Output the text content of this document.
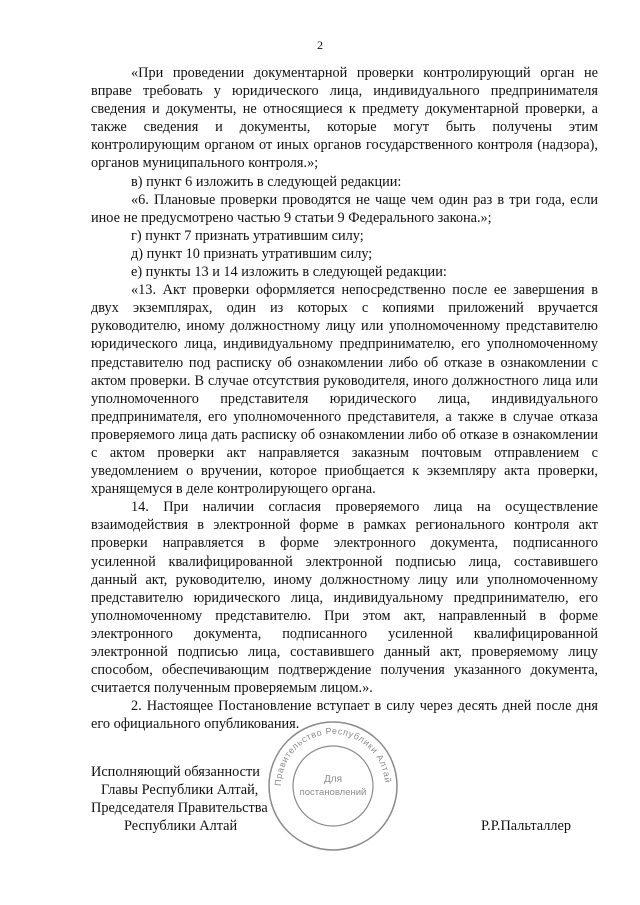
2

«При проведении документарной проверки контролирующий орган не вправе требовать у юридического лица, индивидуального предпринимателя сведения и документы, не относящиеся к предмету документарной проверки, а также сведения и документы, которые могут быть получены этим контролирующим органом от иных органов государственного контроля (надзора), органов муниципального контроля.»;

в) пункт 6 изложить в следующей редакции:

«6. Плановые проверки проводятся не чаще чем один раз в три года, если иное не предусмотрено частью 9 статьи 9 Федерального закона.»;

г) пункт 7 признать утратившим силу;

д) пункт 10 признать утратившим силу;

е) пункты 13 и 14 изложить в следующей редакции:

«13. Акт проверки оформляется непосредственно после ее завершения в двух экземплярах, один из которых с копиями приложений вручается руководителю, иному должностному лицу или уполномоченному представителю юридического лица, индивидуальному предпринимателю, его уполномоченному представителю под расписку об ознакомлении либо об отказе в ознакомлении с актом проверки. В случае отсутствия руководителя, иного должностного лица или уполномоченного представителя юридического лица, индивидуального предпринимателя, его уполномоченного представителя, а также в случае отказа проверяемого лица дать расписку об ознакомлении либо об отказе в ознакомлении с актом проверки акт направляется заказным почтовым отправлением с уведомлением о вручении, которое приобщается к экземпляру акта проверки, хранящемуся в деле контролирующего органа.

14. При наличии согласия проверяемого лица на осуществление взаимодействия в электронной форме в рамках регионального контроля акт проверки направляется в форме электронного документа, подписанного усиленной квалифицированной электронной подписью лица, составившего данный акт, руководителю, иному должностному лицу или уполномоченному представителю юридического лица, индивидуальному предпринимателю, его уполномоченному представителю. При этом акт, направленный в форме электронного документа, подписанного усиленной квалифицированной электронной подписью лица, составившего данный акт, проверяемому лицу способом, обеспечивающим подтверждение получения указанного документа, считается полученным проверяемым лицом.».

2. Настоящее Постановление вступает в силу через десять дней после дня его официального опубликования.

Исполняющий обязанности
Главы Республики Алтай,
Председателя Правительства
Республики Алтай	Р.Р.Пальталлер
Правительство Республики Алтай
Для
постановлений
